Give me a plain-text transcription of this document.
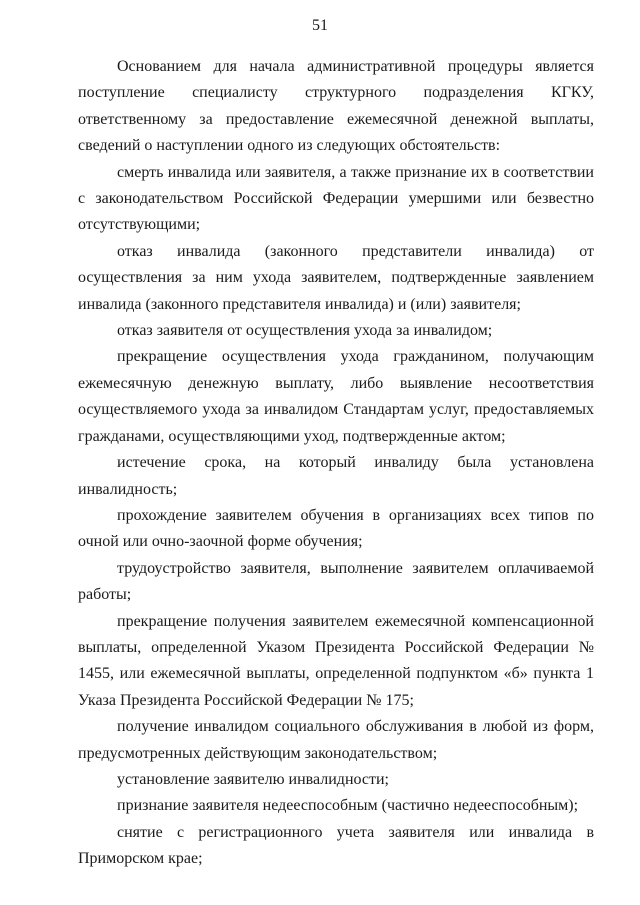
51

Основанием для начала административной процедуры является поступление специалисту структурного подразделения КГКУ, ответственному за предоставление ежемесячной денежной выплаты, сведений о наступлении одного из следующих обстоятельств:

смерть инвалида или заявителя, а также признание их в соответствии с законодательством Российской Федерации умершими или безвестно отсутствующими;

отказ инвалида (законного представители инвалида) от осуществления за ним ухода заявителем, подтвержденные заявлением инвалида (законного представителя инвалида) и (или) заявителя;

отказ заявителя от осуществления ухода за инвалидом;

прекращение осуществления ухода гражданином, получающим ежемесячную денежную выплату, либо выявление несоответствия осуществляемого ухода за инвалидом Стандартам услуг, предоставляемых гражданами, осуществляющими уход, подтвержденные актом;

истечение срока, на который инвалиду была установлена инвалидность;

прохождение заявителем обучения в организациях всех типов по очной или очно-заочной форме обучения;

трудоустройство заявителя, выполнение заявителем оплачиваемой работы;

прекращение получения заявителем ежемесячной компенсационной выплаты, определенной Указом Президента Российской Федерации № 1455, или ежемесячной выплаты, определенной подпунктом «б» пункта 1 Указа Президента Российской Федерации № 175;

получение инвалидом социального обслуживания в любой из форм, предусмотренных действующим законодательством;

установление заявителю инвалидности;

признание заявителя недееспособным (частично недееспособным);

снятие с регистрационного учета заявителя или инвалида в Приморском крае;
